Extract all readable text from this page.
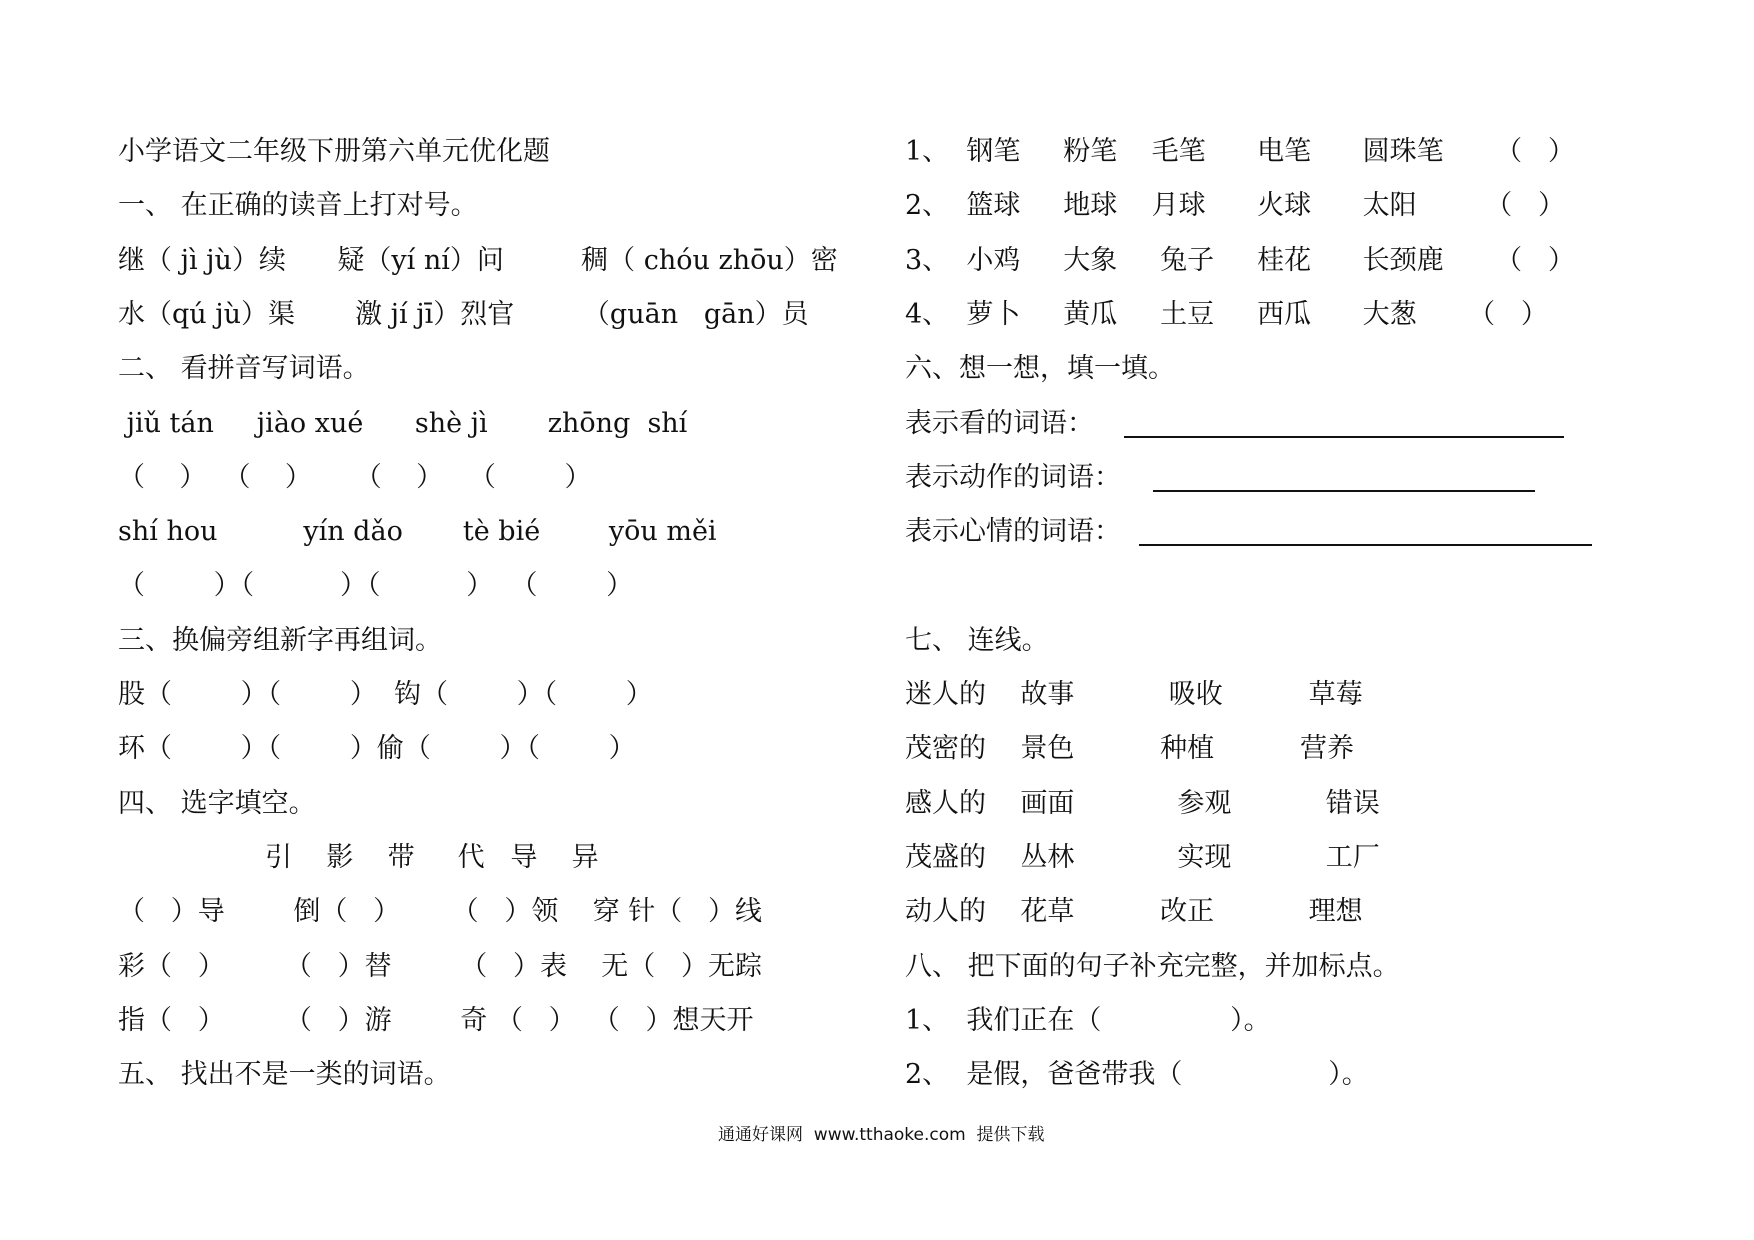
小学语文二年级下册第六单元优化题
一、 在正确的读音上打对号。
继（ jì jù）续      疑（yí ní）问         稠（ chóu zhōu）密
水（qú jù）渠       激 jí jī）烈官        （guān   gān）员
二、 看拼音写词语。
jiǔ tán     jiào xué      shè jì       zhōng  shí
（    ）  （    ）     （    ）   （        ）
shí hou          yín dǎo       tè bié        yōu měi
（        ）（          ）（          ）  （        ）
三、换偏旁组新字再组词。
股（        ）（        ）  钩（        ）（        ）
环（        ）（        ）偷（        ）（        ）
四、 选字填空。
引    影    带     代   导    异
（   ）导        倒（   ）      （   ）领    穿 针（   ）线
彩（   ）       （   ）替        （   ）表    无（   ）无踪
指（   ）       （   ）游        奇 （   ）  （   ）想天开
五、 找出不是一类的词语。
1、  钢笔     粉笔    毛笔      电笔      圆珠笔      （   ）
2、  篮球     地球    月球      火球      太阳        （   ）
3、  小鸡     大象     兔子     桂花      长颈鹿      （   ）
4、  萝卜     黄瓜     土豆     西瓜      大葱      （   ）
六、想一想，填一填。
表示看的词语：
表示动作的词语：
表示心情的词语：
七、 连线。
迷人的    故事           吸收          草莓
茂密的    景色          种植          营养
感人的    画面            参观           错误
茂盛的    丛林            实现           工厂
动人的    花草          改正           理想
八、 把下面的句子补充完整，并加标点。
1、  我们正在（               ）。
2、  是假，爸爸带我（                 ）。
通通好课网  www.tthaoke.com  提供下载
